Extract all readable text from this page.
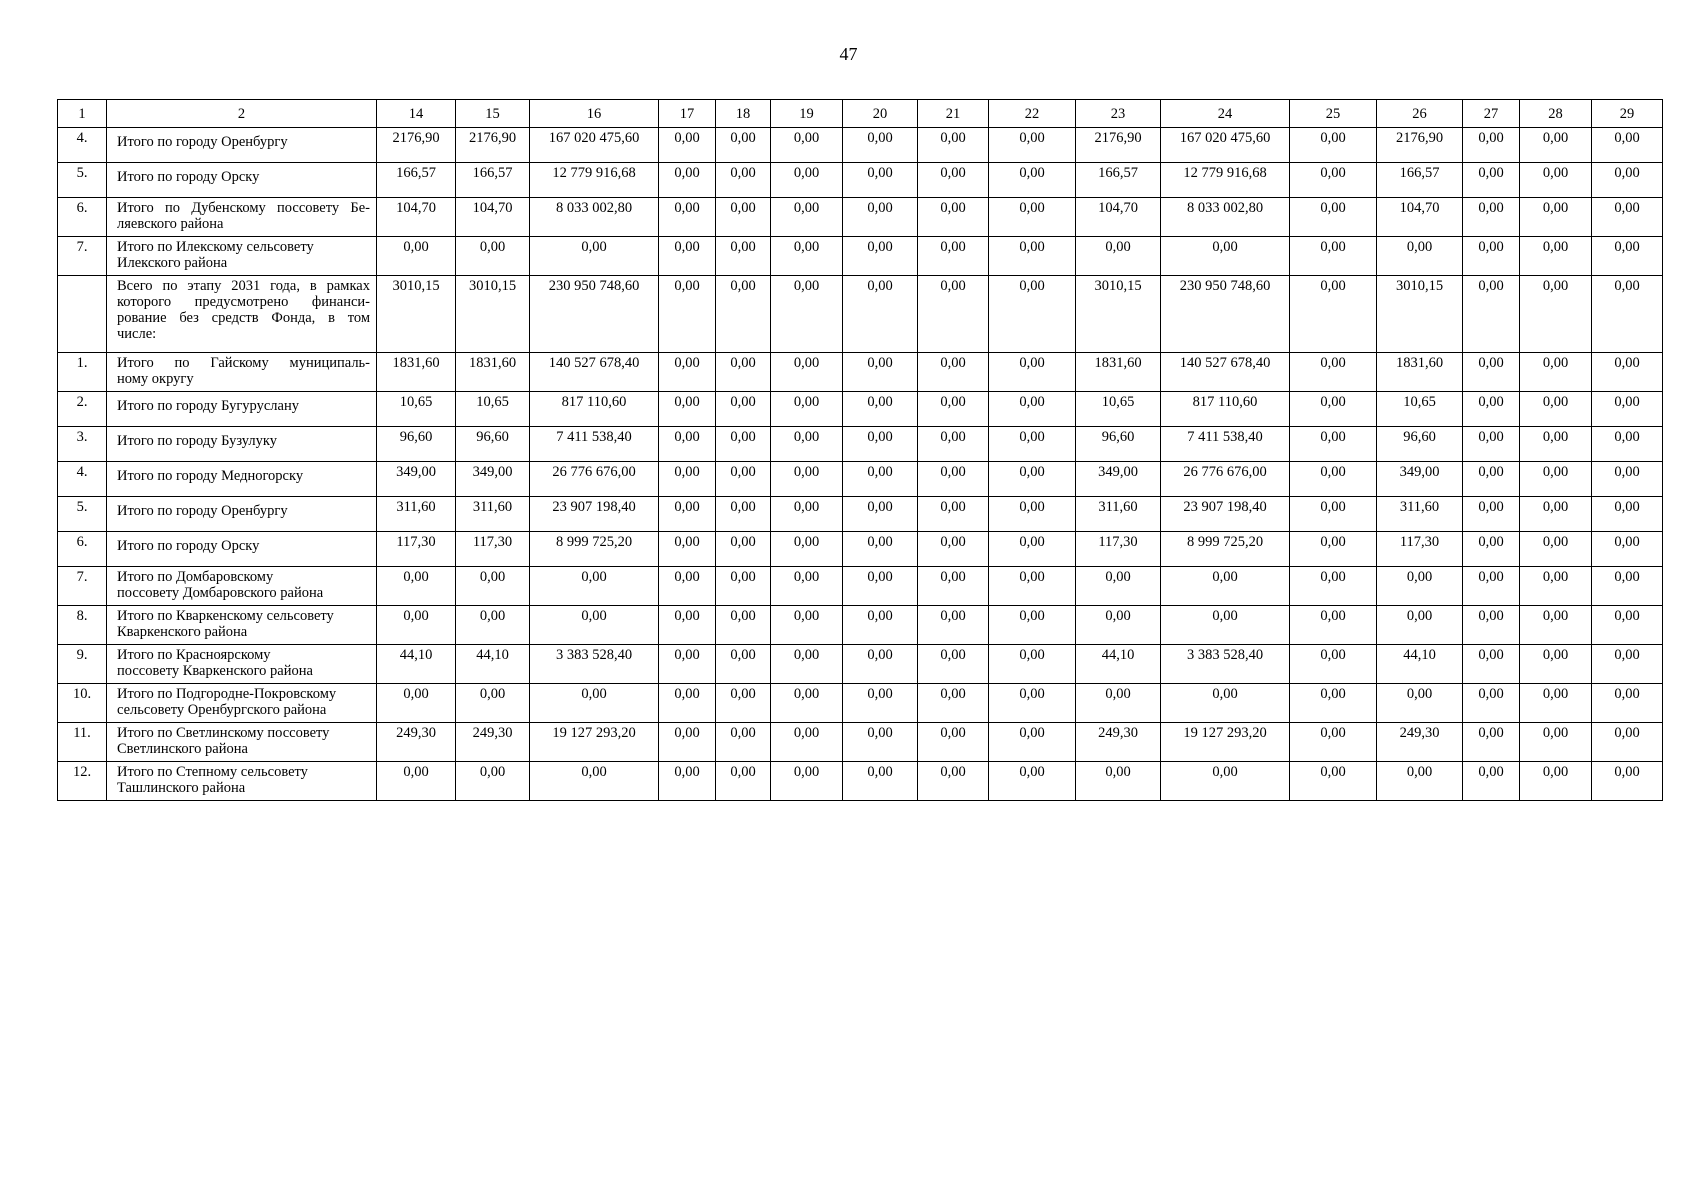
47
1	2	14	15	16	17	18	19	20	21	22	23	24	25	26	27	28	29
4.	Итого по городу Оренбургу	2176,90	2176,90	167 020 475,60	0,00	0,00	0,00	0,00	0,00	0,00	2176,90	167 020 475,60	0,00	2176,90	0,00	0,00	0,00
5.	Итого по городу Орску	166,57	166,57	12 779 916,68	0,00	0,00	0,00	0,00	0,00	0,00	166,57	12 779 916,68	0,00	166,57	0,00	0,00	0,00
6.	Итого по Дубенскому поссовету Бе-
ляевского района	104,70	104,70	8 033 002,80	0,00	0,00	0,00	0,00	0,00	0,00	104,70	8 033 002,80	0,00	104,70	0,00	0,00	0,00
7.	Итого по Илекскому сельсовету
Илекского района	0,00	0,00	0,00	0,00	0,00	0,00	0,00	0,00	0,00	0,00	0,00	0,00	0,00	0,00	0,00	0,00

	Всего по этапу 2031 года, в рамках
которого предусмотрено финанси-
рование без средств Фонда, в том
числе:	3010,15	3010,15	230 950 748,60	0,00	0,00	0,00	0,00	0,00	0,00	3010,15	230 950 748,60	0,00	3010,15	0,00	0,00	0,00
1.	Итого по Гайскому муниципаль-
ному округу	1831,60	1831,60	140 527 678,40	0,00	0,00	0,00	0,00	0,00	0,00	1831,60	140 527 678,40	0,00	1831,60	0,00	0,00	0,00
2.	Итого по городу Бугуруслану	10,65	10,65	817 110,60	0,00	0,00	0,00	0,00	0,00	0,00	10,65	817 110,60	0,00	10,65	0,00	0,00	0,00
3.	Итого по городу Бузулуку	96,60	96,60	7 411 538,40	0,00	0,00	0,00	0,00	0,00	0,00	96,60	7 411 538,40	0,00	96,60	0,00	0,00	0,00
4.	Итого по городу Медногорску	349,00	349,00	26 776 676,00	0,00	0,00	0,00	0,00	0,00	0,00	349,00	26 776 676,00	0,00	349,00	0,00	0,00	0,00
5.	Итого по городу Оренбургу	311,60	311,60	23 907 198,40	0,00	0,00	0,00	0,00	0,00	0,00	311,60	23 907 198,40	0,00	311,60	0,00	0,00	0,00
6.	Итого по городу Орску	117,30	117,30	8 999 725,20	0,00	0,00	0,00	0,00	0,00	0,00	117,30	8 999 725,20	0,00	117,30	0,00	0,00	0,00
7.	Итого по Домбаровскому
поссовету Домбаровского района	0,00	0,00	0,00	0,00	0,00	0,00	0,00	0,00	0,00	0,00	0,00	0,00	0,00	0,00	0,00	0,00
8.	Итого по Кваркенскому сельсовету
Кваркенского района	0,00	0,00	0,00	0,00	0,00	0,00	0,00	0,00	0,00	0,00	0,00	0,00	0,00	0,00	0,00	0,00
9.	Итого по Красноярскому
поссовету Кваркенского района	44,10	44,10	3 383 528,40	0,00	0,00	0,00	0,00	0,00	0,00	44,10	3 383 528,40	0,00	44,10	0,00	0,00	0,00
10.	Итого по Подгородне-Покровскому
сельсовету Оренбургского района	0,00	0,00	0,00	0,00	0,00	0,00	0,00	0,00	0,00	0,00	0,00	0,00	0,00	0,00	0,00	0,00
11.	Итого по Светлинскому поссовету
Светлинского района	249,30	249,30	19 127 293,20	0,00	0,00	0,00	0,00	0,00	0,00	249,30	19 127 293,20	0,00	249,30	0,00	0,00	0,00
12.	Итого по Степному сельсовету
Ташлинского района	0,00	0,00	0,00	0,00	0,00	0,00	0,00	0,00	0,00	0,00	0,00	0,00	0,00	0,00	0,00	0,00
